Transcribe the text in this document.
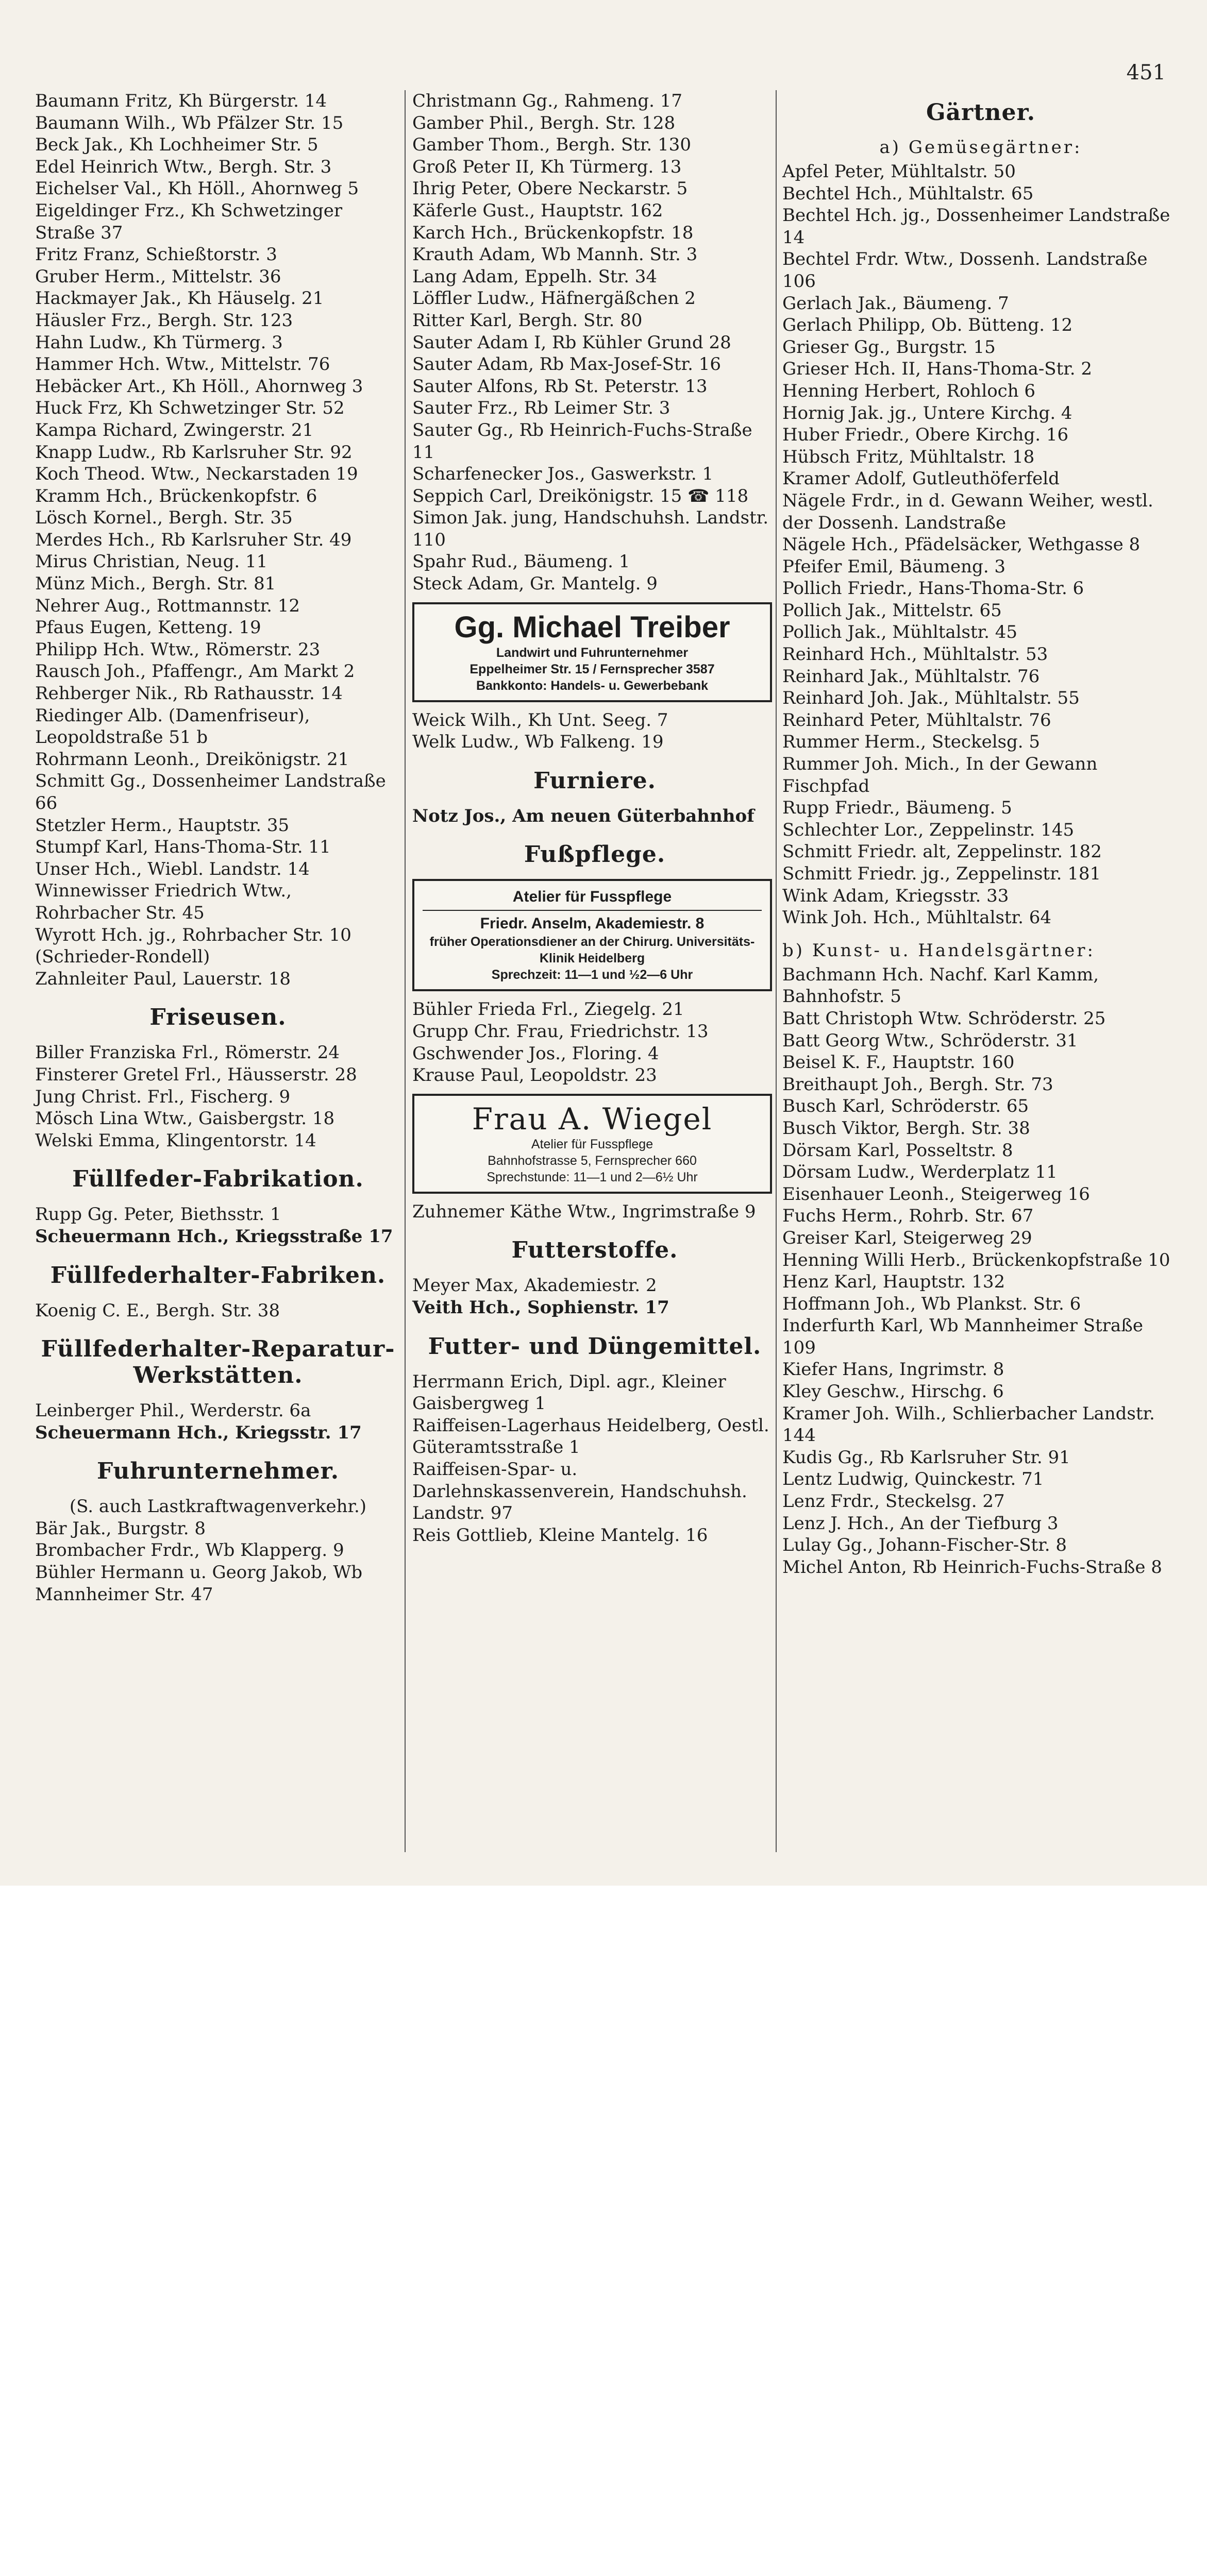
451

Baumann Fritz, Kh Bürgerstr. 14

Baumann Wilh., Wb Pfälzer Str. 15

Beck Jak., Kh Lochheimer Str. 5

Edel Heinrich Wtw., Bergh. Str. 3

Eichelser Val., Kh Höll., Ahornweg 5

Eigeldinger Frz., Kh Schwetzinger Straße 37

Fritz Franz, Schießtorstr. 3

Gruber Herm., Mittelstr. 36

Hackmayer Jak., Kh Häuselg. 21

Häusler Frz., Bergh. Str. 123

Hahn Ludw., Kh Türmerg. 3

Hammer Hch. Wtw., Mittelstr. 76

Hebäcker Art., Kh Höll., Ahornweg 3

Huck Frz, Kh Schwetzinger Str. 52

Kampa Richard, Zwingerstr. 21

Knapp Ludw., Rb Karlsruher Str. 92

Koch Theod. Wtw., Neckarstaden 19

Kramm Hch., Brückenkopfstr. 6

Lösch Kornel., Bergh. Str. 35

Merdes Hch., Rb Karlsruher Str. 49

Mirus Christian, Neug. 11

Münz Mich., Bergh. Str. 81

Nehrer Aug., Rottmannstr. 12

Pfaus Eugen, Ketteng. 19

Philipp Hch. Wtw., Römerstr. 23

Rausch Joh., Pfaffengr., Am Markt 2

Rehberger Nik., Rb Rathausstr. 14

Riedinger Alb. (Damenfriseur), Leopoldstraße 51 b

Rohrmann Leonh., Dreikönigstr. 21

Schmitt Gg., Dossenheimer Landstraße 66

Stetzler Herm., Hauptstr. 35

Stumpf Karl, Hans-Thoma-Str. 11

Unser Hch., Wiebl. Landstr. 14

Winnewisser Friedrich Wtw., Rohrbacher Str. 45

Wyrott Hch. jg., Rohrbacher Str. 10 (Schrieder-Rondell)

Zahnleiter Paul, Lauerstr. 18

Friseusen.

Biller Franziska Frl., Römerstr. 24

Finsterer Gretel Frl., Häusserstr. 28

Jung Christ. Frl., Fischerg. 9

Mösch Lina Wtw., Gaisbergstr. 18

Welski Emma, Klingentorstr. 14

Füllfeder-Fabrikation.

Rupp Gg. Peter, Biethsstr. 1

Scheuermann Hch., Kriegsstraße 17

Füllfederhalter-Fabriken.

Koenig C. E., Bergh. Str. 38

Füllfederhalter-Reparatur-Werkstätten.

Leinberger Phil., Werderstr. 6a

Scheuermann Hch., Kriegsstr. 17

Fuhrunternehmer.

(S. auch Lastkraftwagenverkehr.)

Bär Jak., Burgstr. 8

Brombacher Frdr., Wb Klapperg. 9

Bühler Hermann u. Georg Jakob, Wb Mannheimer Str. 47

Christmann Gg., Rahmeng. 17

Gamber Phil., Bergh. Str. 128

Gamber Thom., Bergh. Str. 130

Groß Peter II, Kh Türmerg. 13

Ihrig Peter, Obere Neckarstr. 5

Käferle Gust., Hauptstr. 162

Karch Hch., Brückenkopfstr. 18

Krauth Adam, Wb Mannh. Str. 3

Lang Adam, Eppelh. Str. 34

Löffler Ludw., Häfnergäßchen 2

Ritter Karl, Bergh. Str. 80

Sauter Adam I, Rb Kühler Grund 28

Sauter Adam, Rb Max-Josef-Str. 16

Sauter Alfons, Rb St. Peterstr. 13

Sauter Frz., Rb Leimer Str. 3

Sauter Gg., Rb Heinrich-Fuchs-Straße 11

Scharfenecker Jos., Gaswerkstr. 1

Seppich Carl, Dreikönigstr. 15 ☎ 118

Simon Jak. jung, Handschuhsh. Landstr. 110

Spahr Rud., Bäumeng. 1

Steck Adam, Gr. Mantelg. 9

Gg. Michael Treiber
Landwirt und Fuhrunternehmer
Eppelheimer Str. 15 / Fernsprecher 3587
Bankkonto: Handels- u. Gewerbebank

Weick Wilh., Kh Unt. Seeg. 7

Welk Ludw., Wb Falkeng. 19

Furniere.

Notz Jos., Am neuen Güterbahnhof

Fußpflege.
Atelier für Fusspflege
Friedr. Anselm, Akademiestr. 8
früher Operationsdiener an der Chirurg. Universitäts-Klinik Heidelberg
Sprechzeit: 11—1 und ½2—6 Uhr

Bühler Frieda Frl., Ziegelg. 21

Grupp Chr. Frau, Friedrichstr. 13

Gschwender Jos., Floring. 4

Krause Paul, Leopoldstr. 23

Frau A. Wiegel
Atelier für Fusspflege
Bahnhofstrasse 5, Fernsprecher 660
Sprechstunde: 11—1 und 2—6½ Uhr

Zuhnemer Käthe Wtw., Ingrimstraße 9

Futterstoffe.

Meyer Max, Akademiestr. 2

Veith Hch., Sophienstr. 17

Futter- und Düngemittel.

Herrmann Erich, Dipl. agr., Kleiner Gaisbergweg 1

Raiffeisen-Lagerhaus Heidelberg, Oestl. Güteramtsstraße 1

Raiffeisen-Spar- u. Darlehnskassenverein, Handschuhsh. Landstr. 97

Reis Gottlieb, Kleine Mantelg. 16

Gärtner.
a) Gemüsegärtner:

Apfel Peter, Mühltalstr. 50

Bechtel Hch., Mühltalstr. 65

Bechtel Hch. jg., Dossenheimer Landstraße 14

Bechtel Frdr. Wtw., Dossenh. Landstraße 106

Gerlach Jak., Bäumeng. 7

Gerlach Philipp, Ob. Bütteng. 12

Grieser Gg., Burgstr. 15

Grieser Hch. II, Hans-Thoma-Str. 2

Henning Herbert, Rohloch 6

Hornig Jak. jg., Untere Kirchg. 4

Huber Friedr., Obere Kirchg. 16

Hübsch Fritz, Mühltalstr. 18

Kramer Adolf, Gutleuthöferfeld

Nägele Frdr., in d. Gewann Weiher, westl. der Dossenh. Landstraße

Nägele Hch., Pfädelsäcker, Wethgasse 8

Pfeifer Emil, Bäumeng. 3

Pollich Friedr., Hans-Thoma-Str. 6

Pollich Jak., Mittelstr. 65

Pollich Jak., Mühltalstr. 45

Reinhard Hch., Mühltalstr. 53

Reinhard Jak., Mühltalstr. 76

Reinhard Joh. Jak., Mühltalstr. 55

Reinhard Peter, Mühltalstr. 76

Rummer Herm., Steckelsg. 5

Rummer Joh. Mich., In der Gewann Fischpfad

Rupp Friedr., Bäumeng. 5

Schlechter Lor., Zeppelinstr. 145

Schmitt Friedr. alt, Zeppelinstr. 182

Schmitt Friedr. jg., Zeppelinstr. 181

Wink Adam, Kriegsstr. 33

Wink Joh. Hch., Mühltalstr. 64

b) Kunst- u. Handelsgärtner:

Bachmann Hch. Nachf. Karl Kamm, Bahnhofstr. 5

Batt Christoph Wtw. Schröderstr. 25

Batt Georg Wtw., Schröderstr. 31

Beisel K. F., Hauptstr. 160

Breithaupt Joh., Bergh. Str. 73

Busch Karl, Schröderstr. 65

Busch Viktor, Bergh. Str. 38

Dörsam Karl, Posseltstr. 8

Dörsam Ludw., Werderplatz 11

Eisenhauer Leonh., Steigerweg 16

Fuchs Herm., Rohrb. Str. 67

Greiser Karl, Steigerweg 29

Henning Willi Herb., Brückenkopfstraße 10

Henz Karl, Hauptstr. 132

Hoffmann Joh., Wb Plankst. Str. 6

Inderfurth Karl, Wb Mannheimer Straße 109

Kiefer Hans, Ingrimstr. 8

Kley Geschw., Hirschg. 6

Kramer Joh. Wilh., Schlierbacher Landstr. 144

Kudis Gg., Rb Karlsruher Str. 91

Lentz Ludwig, Quinckestr. 71

Lenz Frdr., Steckelsg. 27

Lenz J. Hch., An der Tiefburg 3

Lulay Gg., Johann-Fischer-Str. 8

Michel Anton, Rb Heinrich-Fuchs-Straße 8
